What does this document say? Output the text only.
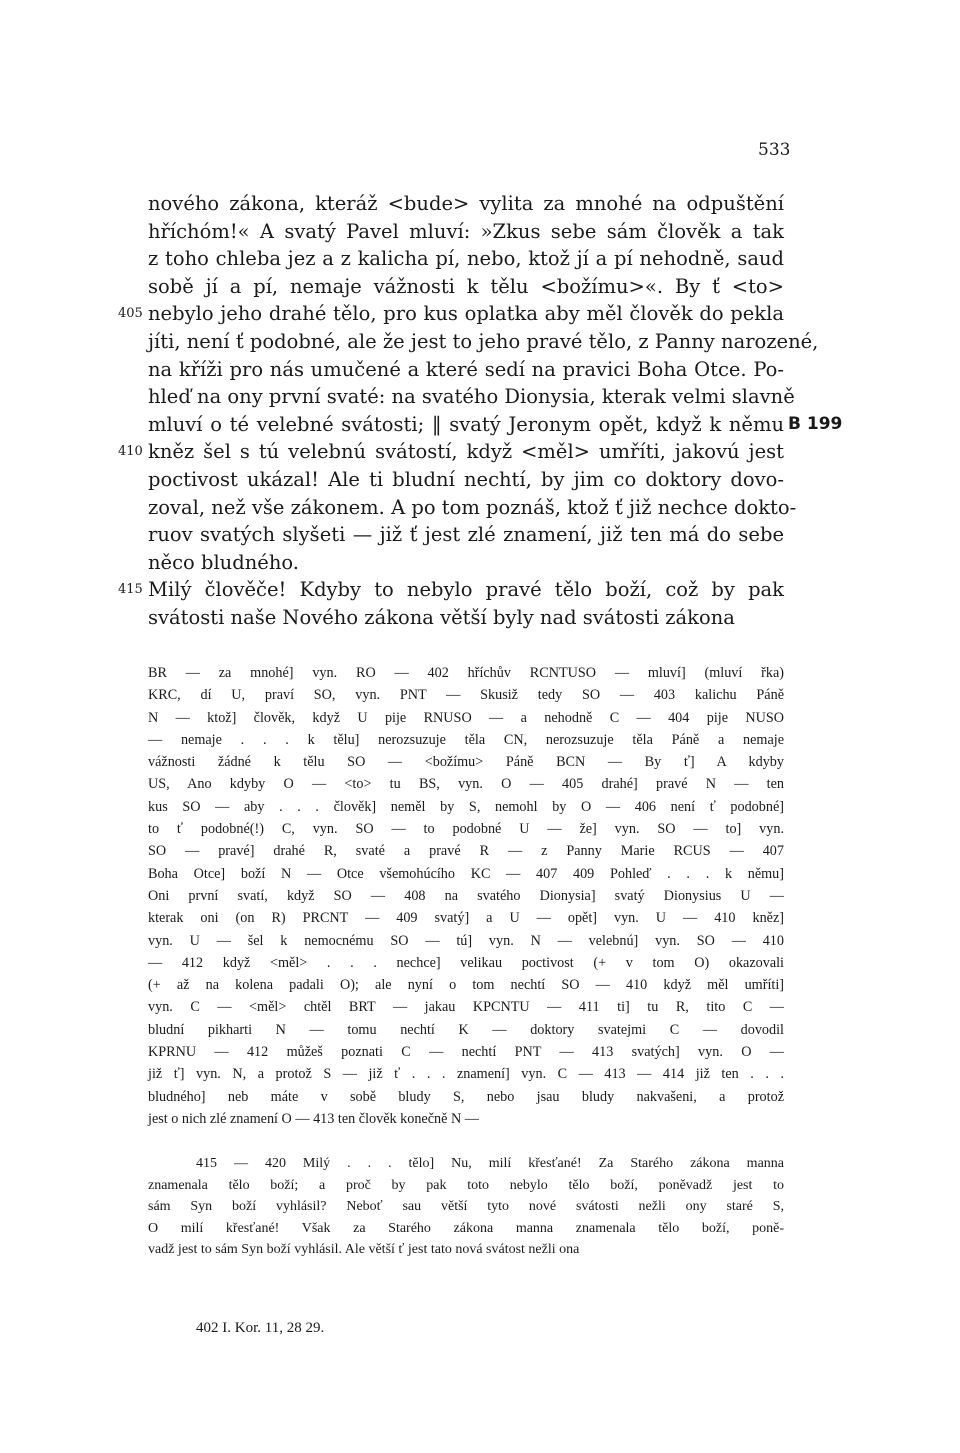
533
nového zákona, kteráž <bude> vylita za mnohé na odpuštění
hříchóm!« A svatý Pavel mluví: »Zkus sebe sám člověk a tak
z toho chleba jez a z kalicha pí, nebo, ktož jí a pí nehodně, saud
sobě jí a pí, nemaje vážnosti k tělu <božímu>«. By ť <to>
nebylo jeho drahé tělo, pro kus oplatka aby měl člověk do pekla
405
jíti, není ť podobné, ale že jest to jeho pravé tělo, z Panny narozené,
na kříži pro nás umučené a které sedí na pravici Boha Otce. Po-
hleď na ony první svaté: na svatého Dionysia, kterak velmi slavně
mluví o té velebné svátosti; ‖ svatý Jeronym opět, když k němu B 199
kněz šel s tú velebnú svátostí, když <měl> umříti, jakovú jest
410
poctivost ukázal! Ale ti bludní nechtí, by jim co doktory dovo-
zoval, než vše zákonem. A po tom poznáš, ktož ť již nechce dokto-
ruov svatých slyšeti — již ť jest zlé znamení, již ten má do sebe
něco bludného.
Milý člověče! Kdyby to nebylo pravé tělo boží, což by pak
415
svátosti naše Nového zákona větší byly nad svátosti zákona
BR — za mnohé] vyn. RO — 402 hříchův RCNTUSO — mluví] (mluví řka)
KRC, dí U, praví SO, vyn. PNT — Skusiž tedy SO — 403 kalichu Páně
N — ktož] člověk, když U pije RNUSO — a nehodně C — 404 pije NUSO
— nemaje . . . k tělu] nerozsuzuje těla CN, nerozsuzuje těla Páně a nemaje
vážnosti žádné k tělu SO — <božímu> Páně BCN — By ť] A kdyby
US, Ano kdyby O — <to> tu BS, vyn. O — 405 drahé] pravé N — ten
kus SO — aby . . . člověk] neměl by S, nemohl by O — 406 není ť podobné]
to ť podobné(!) C, vyn. SO — to podobné U — že] vyn. SO — to] vyn.
SO — pravé] drahé R, svaté a pravé R — z Panny Marie RCUS — 407
Boha Otce] boží N — Otce všemohúcího KC — 407 409 Pohleď . . . k němu]
Oni první svatí, když SO — 408 na svatého Dionysia] svatý Dionysius U —
kterak oni (on R) PRCNT — 409 svatý] a U — opět] vyn. U — 410 kněz]
vyn. U — šel k nemocnému SO — tú] vyn. N — velebnú] vyn. SO — 410
— 412 když <měl> . . . nechce] velikau poctivost (+ v tom O) okazovali
(+ až na kolena padali O); ale nyní o tom nechtí SO — 410 když měl umříti]
vyn. C — <měl> chtěl BRT — jakau KPCNTU — 411 ti] tu R, tito C —
bludní pikharti N — tomu nechtí K — doktory svatejmi C — dovodil
KPRNU — 412 můžeš poznati C — nechtí PNT — 413 svatých] vyn. O —
již ť] vyn. N, a protož S — již ť . . . znamení] vyn. C — 413 — 414 již ten . . .
bludného] neb máte v sobě bludy S, nebo jsau bludy nakvašeni, a protož
jest o nich zlé znamení O — 413 ten člověk konečně N —
415 — 420 Milý . . . tělo] Nu, milí křesťané! Za Starého zákona manna
znamenala tělo boží; a proč by pak toto nebylo tělo boží, poněvadž jest to
sám Syn boží vyhlásil? Neboť sau větší tyto nové svátosti nežli ony staré S,
O milí křesťané! Však za Starého zákona manna znamenala tělo boží, poně-
vadž jest to sám Syn boží vyhlásil. Ale větší ť jest tato nová svátost nežli ona
402 I. Kor. 11, 28 29.
